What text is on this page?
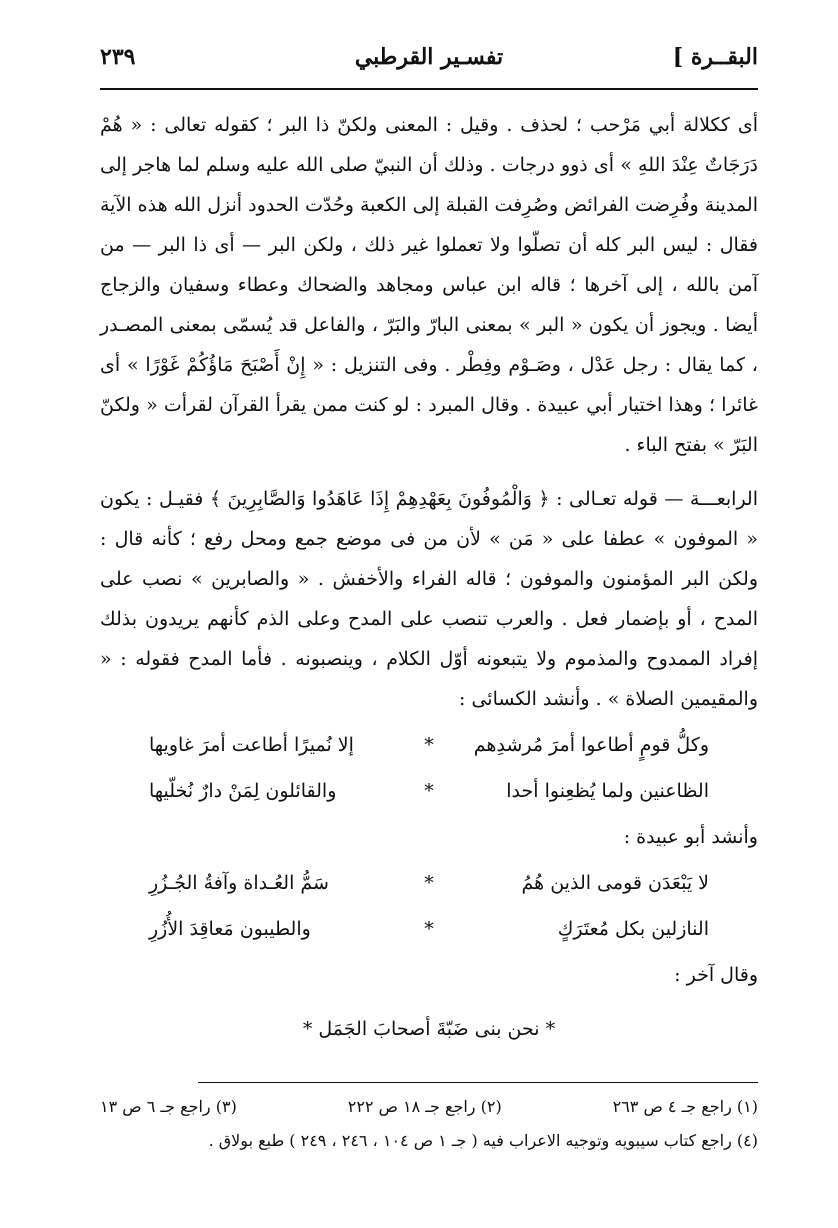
البقــرة ]
تفسـير القرطبي
٢٣٩

أى ككلالة أبي مَرْحب ؛ لحذف . وقيل : المعنى ولكنّ ذا البر ؛ كقوله تعالى : « هُمْ دَرَجَاتٌ عِنْدَ اللهِ » أى ذوو درجات . وذلك أن النبيّ صلى الله عليه وسلم لما هاجر إلى المدينة وفُرِضت الفرائض وصُرِفت القبلة إلى الكعبة وحُدّت الحدود أنزل الله هذه الآية فقال : ليس البر كله أن تصلّوا ولا تعملوا غير ذلك ، ولكن البر — أى ذا البر — من آمن بالله ، إلى آخرها ؛ قاله ابن عباس ومجاهد والضحاك وعطاء وسفيان والزجاج أيضا . ويجوز أن يكون « البر » بمعنى البارّ والبَرّ ، والفاعل قد يُسمّى بمعنى المصـدر ، كما يقال : رجل عَدْل ، وصَـوْم وفِطْر . وفى التنزيل : « إِنْ أَصْبَحَ مَاؤُكُمْ غَوْرًا » أى غائرا ؛ وهذا اختيار أبي عبيدة . وقال المبرد : لو كنت ممن يقرأ القرآن لقرأت « ولكنّ البَرّ » بفتح الباء .

الرابعـــة — قوله تعـالى : ﴿ وَالْمُوفُونَ بِعَهْدِهِمْ إِذَا عَاهَدُوا وَالصَّابِرِينَ ﴾ فقيـل : يكون « الموفون » عطفا على « مَن » لأن من فى موضع جمع ومحل رفع ؛ كأنه قال : ولكن البر المؤمنون والموفون ؛ قاله الفراء والأخفش . « والصابرين » نصب على المدح ، أو بإضمار فعل . والعرب تنصب على المدح وعلى الذم كأنهم يريدون بذلك إفراد الممدوح والمذموم ولا يتبعونه أوّل الكلام ، وينصبونه . فأما المدح فقوله : « والمقيمين الصلاة » . وأنشد الكسائى :

وكلُّ قومٍ أطاعوا أمرَ مُرشدِهم
*
إلا نُميرًا أطاعت أمرَ غاويها
الظاعنين ولما يُظعِنوا أحدا
*
والقائلون لِمَنْ دارٌ نُخلّيها

وأنشد أبو عبيدة :

لا يَبْعَدَن قومى الذين هُمُ
*
سَمُّ العُـداة وآفةُ الجُـزُرِ
النازلين بكل مُعتَرَكٍ
*
والطيبون مَعاقِدَ الأُزُرِ

وقال آخر :

* نحن بنى ضَبّةَ أصحابَ الجَمَل *

(١) راجع جـ ٤ ص ٢٦٣
(٢) راجع جـ ١٨ ص ٢٢٢
(٣) راجع جـ ٦ ص ١٣
(٤) راجع كتاب سيبويه وتوجيه الاعراب فيه ( جـ ١ ص ١٠٤ ، ٢٤٦ ، ٢٤٩ ) طبع بولاق .
